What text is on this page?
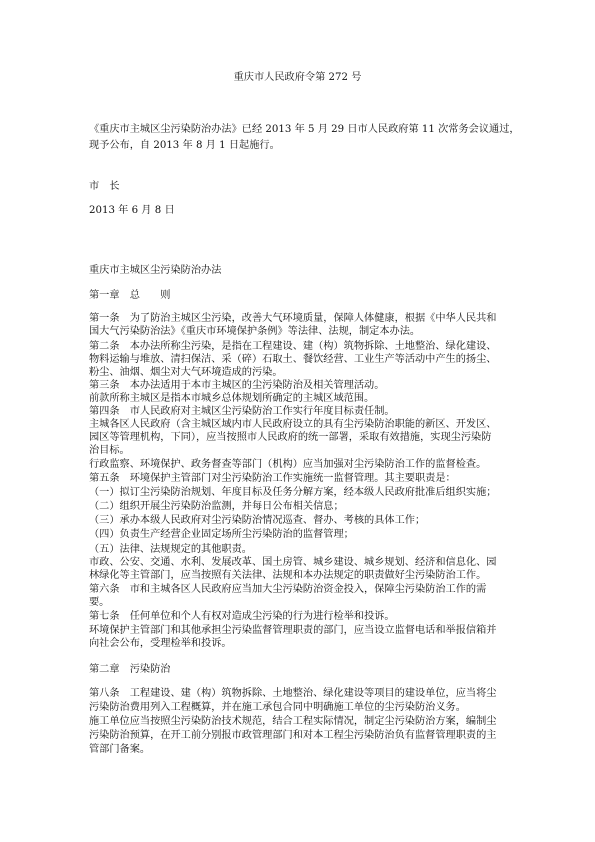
重庆市人民政府令第 272 号
《重庆市主城区尘污染防治办法》已经 2013 年 5 月 29 日市人民政府第 11 次常务会议通过，
现予公布，自 2013 年 8 月 1 日起施行。
市　长
2013 年 6 月 8 日
重庆市主城区尘污染防治办法
第一章　总　　则
第一条　为了防治主城区尘污染，改善大气环境质量，保障人体健康，根据《中华人民共和
国大气污染防治法》《重庆市环境保护条例》等法律、法规，制定本办法。
第二条　本办法所称尘污染，是指在工程建设、建（构）筑物拆除、土地整治、绿化建设、
物料运输与堆放、清扫保洁、采（碎）石取土、餐饮经营、工业生产等活动中产生的扬尘、
粉尘、油烟、烟尘对大气环境造成的污染。
第三条　本办法适用于本市主城区的尘污染防治及相关管理活动。
前款所称主城区是指本市城乡总体规划所确定的主城区域范围。
第四条　市人民政府对主城区尘污染防治工作实行年度目标责任制。
主城各区人民政府（含主城区域内市人民政府设立的具有尘污染防治职能的新区、开发区、
园区等管理机构，下同），应当按照市人民政府的统一部署，采取有效措施，实现尘污染防
治目标。
行政监察、环境保护、政务督查等部门（机构）应当加强对尘污染防治工作的监督检查。
第五条　环境保护主管部门对尘污染防治工作实施统一监督管理。其主要职责是：
（一）拟订尘污染防治规划、年度目标及任务分解方案，经本级人民政府批准后组织实施；
（二）组织开展尘污染防治监测，并每日公布相关信息；
（三）承办本级人民政府对尘污染防治情况巡查、督办、考核的具体工作；
（四）负责生产经营企业固定场所尘污染防治的监督管理；
（五）法律、法规规定的其他职责。
市政、公安、交通、水利、发展改革、国土房管、城乡建设、城乡规划、经济和信息化、园
林绿化等主管部门，应当按照有关法律、法规和本办法规定的职责做好尘污染防治工作。
第六条　市和主城各区人民政府应当加大尘污染防治资金投入，保障尘污染防治工作的需
要。
第七条　任何单位和个人有权对造成尘污染的行为进行检举和投诉。
环境保护主管部门和其他承担尘污染监督管理职责的部门，应当设立监督电话和举报信箱并
向社会公布，受理检举和投诉。
第二章　污染防治
第八条　工程建设、建（构）筑物拆除、土地整治、绿化建设等项目的建设单位，应当将尘
污染防治费用列入工程概算，并在施工承包合同中明确施工单位的尘污染防治义务。
施工单位应当按照尘污染防治技术规范，结合工程实际情况，制定尘污染防治方案，编制尘
污染防治预算，在开工前分别报市政管理部门和对本工程尘污染防治负有监督管理职责的主
管部门备案。
